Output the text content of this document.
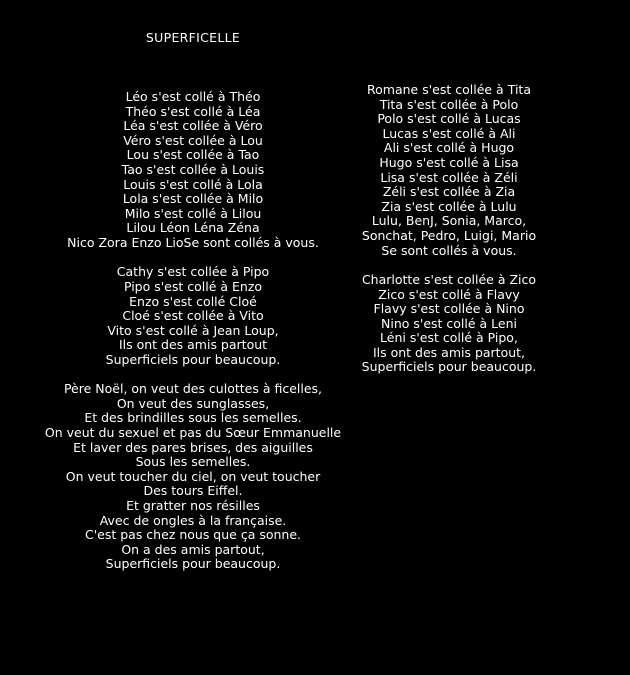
SUPERFICELLE
Léo s'est collé à Théo
Théo s'est collé à Léa
Léa s'est collée à Véro
Véro s'est collée à Lou
Lou s'est collée à Tao
Tao s'est collée à Louis
Louis s'est collé à Lola
Lola s'est collée à Milo
Milo s'est collé à Lilou
Lilou Léon Léna Zéna
Nico Zora Enzo LioSe sont collés à vous.
Cathy s'est collée à Pipo
Pipo s'est collé à Enzo
Enzo s'est collé Cloé
Cloé s'est collée à Vito
Vito s'est collé à Jean Loup,
Ils ont des amis partout
Superficiels pour beaucoup.
Père Noël, on veut des culottes à ficelles,
On veut des sunglasses,
Et des brindilles sous les semelles.
On veut du sexuel et pas du Sœur Emmanuelle
Et laver des pares brises, des aiguilles
Sous les semelles.
On veut toucher du ciel, on veut toucher
Des tours Eiffel.
Et gratter nos résilles
Avec de ongles à la française.
C'est pas chez nous que ça sonne.
On a des amis partout,
Superficiels pour beaucoup.
Romane s'est collée à Tita
Tita s'est collée à Polo
Polo s'est collé à Lucas
Lucas s'est collé à Ali
Ali s'est collé à Hugo
Hugo s'est collé à Lisa
Lisa s'est collée à Zéli
Zéli s'est collée à Zia
Zia s'est collée à Lulu
Lulu, BenJ, Sonia, Marco,
Sonchat, Pedro, Luigi, Mario
Se sont collés à vous.
Charlotte s'est collée à Zico
Zico s'est collé à Flavy
Flavy s'est collée à Nino
Nino s'est collé à Leni
Léni s'est collé à Pipo,
Ils ont des amis partout,
Superficiels pour beaucoup.
